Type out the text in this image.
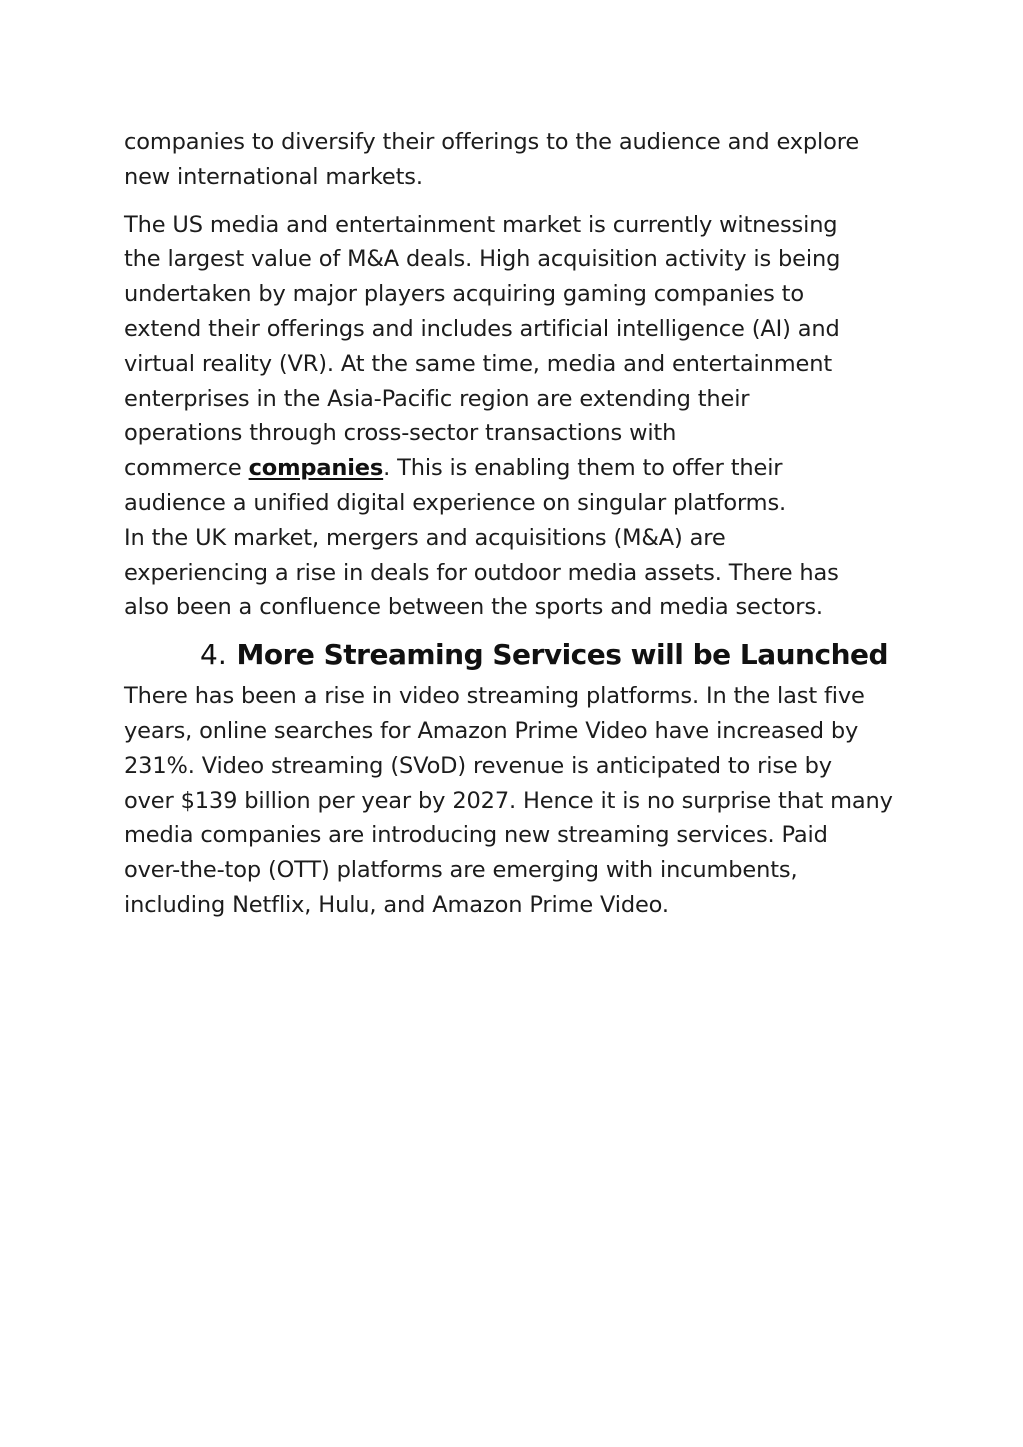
companies to diversify their offerings to the audience and explore
new international markets.

The US media and entertainment market is currently witnessing
the largest value of M&A deals. High acquisition activity is being
undertaken by major players acquiring gaming companies to
extend their offerings and includes artificial intelligence (AI) and
virtual reality (VR). At the same time, media and entertainment
enterprises in the Asia-Pacific region are extending their
operations through cross-sector transactions with
commerce companies. This is enabling them to offer their
audience a unified digital experience on singular platforms.
In the UK market, mergers and acquisitions (M&A) are
experiencing a rise in deals for outdoor media assets. There has
also been a confluence between the sports and media sectors.

4. More Streaming Services will be Launched

There has been a rise in video streaming platforms. In the last five
years, online searches for Amazon Prime Video have increased by
231%. Video streaming (SVoD) revenue is anticipated to rise by
over $139 billion per year by 2027. Hence it is no surprise that many
media companies are introducing new streaming services. Paid
over-the-top (OTT) platforms are emerging with incumbents,
including Netflix, Hulu, and Amazon Prime Video.
